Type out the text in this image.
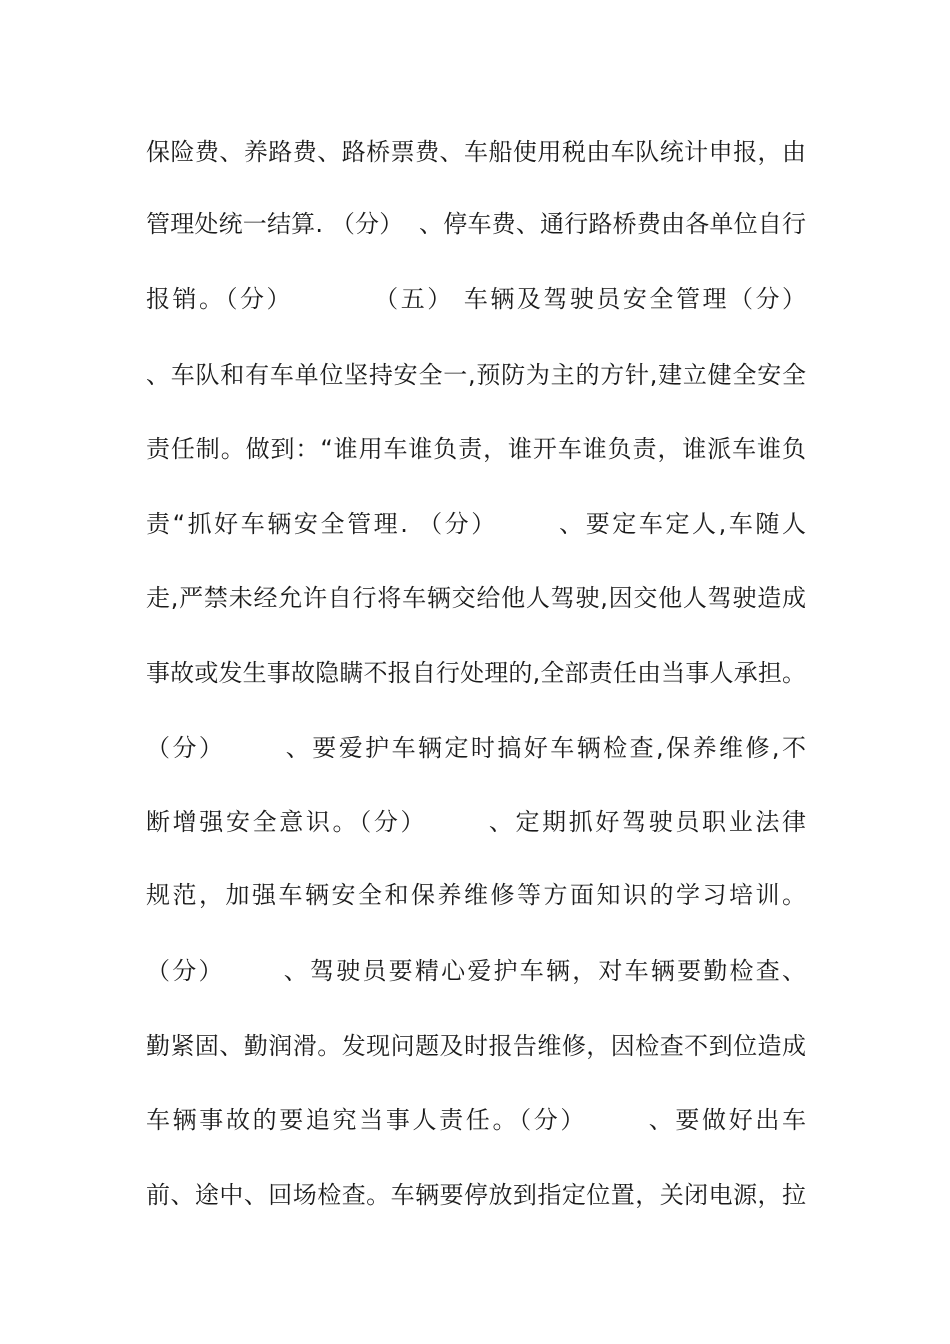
保险费、养路费、路桥票费、车船使用税由车队统计申报，由
管理处统一结算. （分）  、停车费、通行路桥费由各单位自行
报销。（分）        （五） 车辆及驾驶员安全管理（分）
、车队和有车单位坚持安全一,预防为主的方针,建立健全安全
责任制。做到：“谁用车谁负责，谁开车谁负责，谁派车谁负
责“抓好车辆安全管理. （分）      、要定车定人,车随人
走,严禁未经允许自行将车辆交给他人驾驶,因交他人驾驶造成
事故或发生事故隐瞒不报自行处理的,全部责任由当事人承担。
（分）      、要爱护车辆定时搞好车辆检查,保养维修,不
断增强安全意识。（分）      、定期抓好驾驶员职业法律
规范，加强车辆安全和保养维修等方面知识的学习培训。
（分）      、驾驶员要精心爱护车辆，对车辆要勤检查、
勤紧固、勤润滑。发现问题及时报告维修，因检查不到位造成
车辆事故的要追究当事人责任。（分）      、要做好出车
前、途中、回场检查。车辆要停放到指定位置，关闭电源，拉
